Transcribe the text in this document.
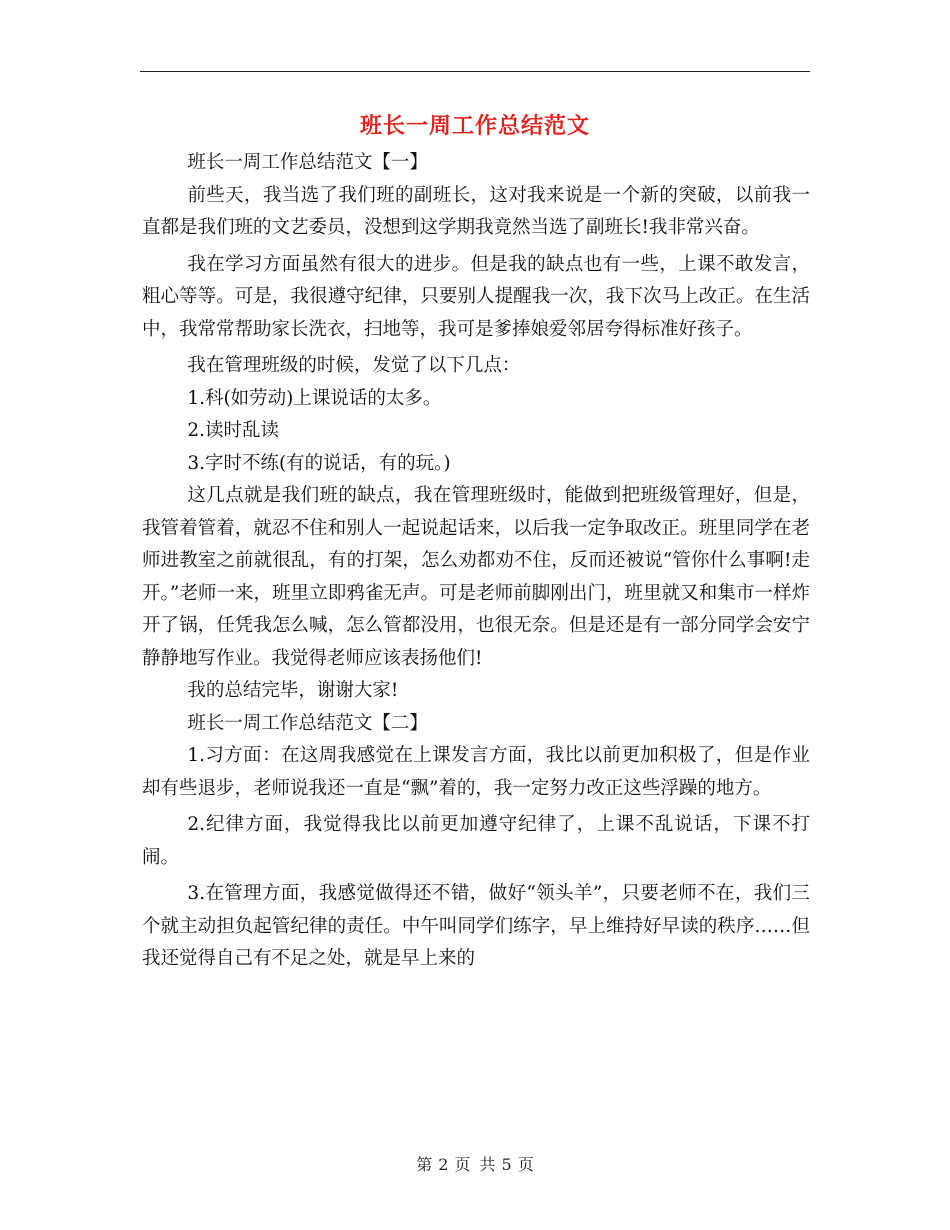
班长一周工作总结范文

班长一周工作总结范文【一】

前些天，我当选了我们班的副班长，这对我来说是一个新的突破，以前我一直都是我们班的文艺委员，没想到这学期我竟然当选了副班长!我非常兴奋。

我在学习方面虽然有很大的进步。但是我的缺点也有一些，上课不敢发言，粗心等等。可是，我很遵守纪律，只要别人提醒我一次，我下次马上改正。在生活中，我常常帮助家长洗衣，扫地等，我可是爹捧娘爱邻居夸得标准好孩子。

我在管理班级的时候，发觉了以下几点：

1.科(如劳动)上课说话的太多。

2.读时乱读

3.字时不练(有的说话，有的玩。)

这几点就是我们班的缺点，我在管理班级时，能做到把班级管理好，但是，我管着管着，就忍不住和别人一起说起话来，以后我一定争取改正。班里同学在老师进教室之前就很乱，有的打架，怎么劝都劝不住，反而还被说“管你什么事啊!走开。”老师一来，班里立即鸦雀无声。可是老师前脚刚出门，班里就又和集市一样炸开了锅，任凭我怎么喊，怎么管都没用，也很无奈。但是还是有一部分同学会安宁静静地写作业。我觉得老师应该表扬他们!

我的总结完毕，谢谢大家!

班长一周工作总结范文【二】

1.习方面：在这周我感觉在上课发言方面，我比以前更加积极了，但是作业却有些退步，老师说我还一直是“飘”着的，我一定努力改正这些浮躁的地方。

2.纪律方面，我觉得我比以前更加遵守纪律了，上课不乱说话，下课不打闹。

3.在管理方面，我感觉做得还不错，做好“领头羊”，只要老师不在，我们三个就主动担负起管纪律的责任。中午叫同学们练字，早上维持好早读的秩序……但我还觉得自己有不足之处，就是早上来的

第 2 页 共 5 页
